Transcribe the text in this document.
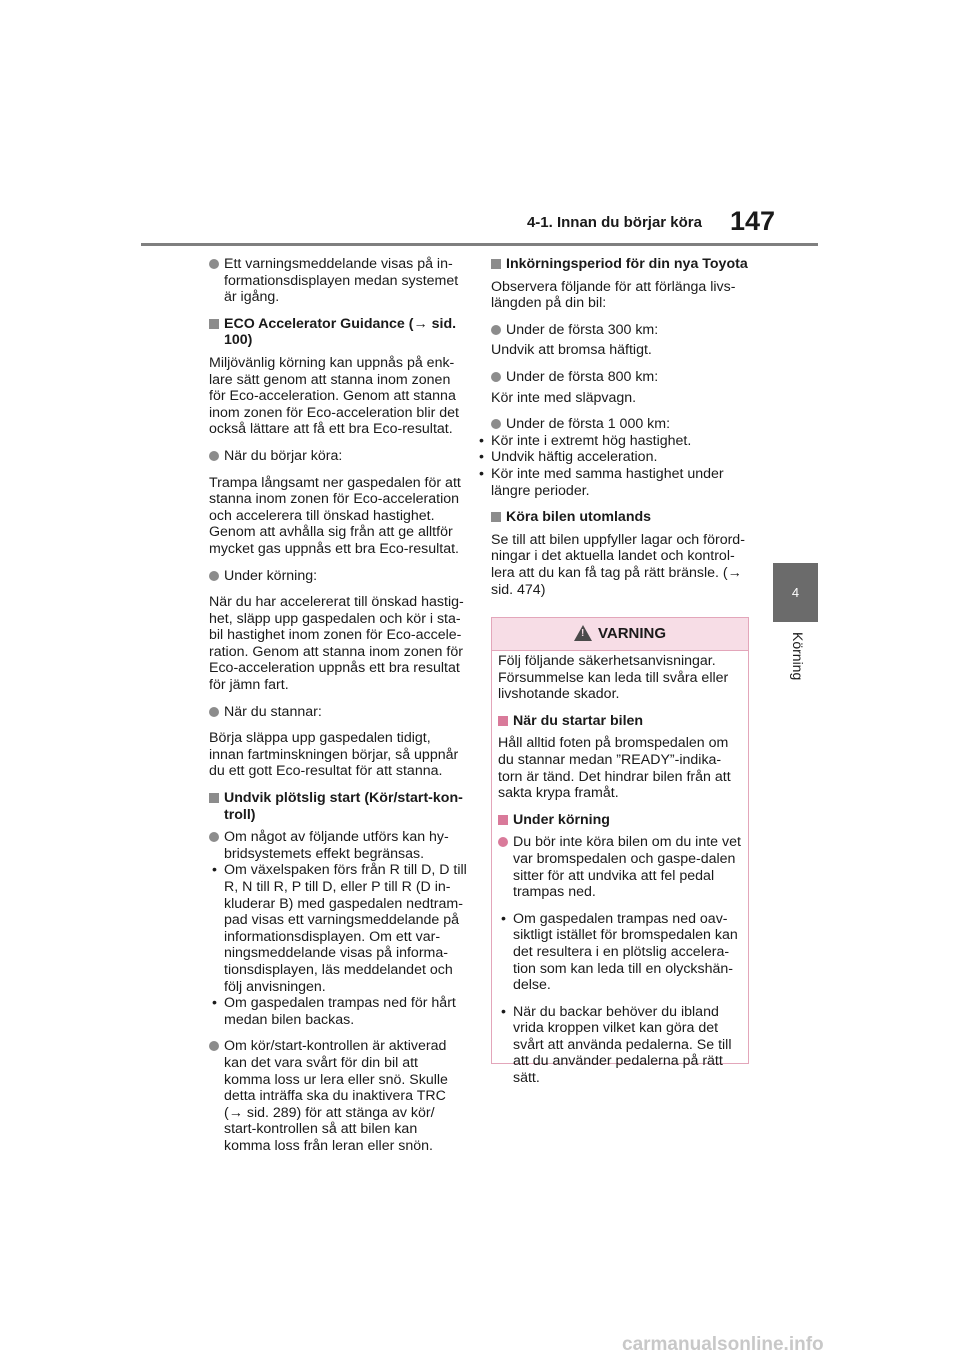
4-1. Innan du börjar köra 147
4
Körning
Ett varningsmeddelande visas på in-formationsdisplayen medan systemet är igång.
ECO Accelerator Guidance (→ sid. 100)

Miljövänlig körning kan uppnås på enk-lare sätt genom att stanna inom zonen för Eco-acceleration. Genom att stanna inom zonen för Eco-acceleration blir det också lättare att få ett bra Eco-resultat.

När du börjar köra:

Trampa långsamt ner gaspedalen för att stanna inom zonen för Eco-acceleration och accelerera till önskad hastighet. Genom att avhålla sig från att ge alltför mycket gas uppnås ett bra Eco-resultat.

Under körning:

När du har accelererat till önskad hastig-het, släpp upp gaspedalen och kör i sta-bil hastighet inom zonen för Eco-accele-ration. Genom att stanna inom zonen för Eco-acceleration uppnås ett bra resultat för jämn fart.

När du stannar:

Börja släppa upp gaspedalen tidigt, innan fartminskningen börjar, så uppnår du ett gott Eco-resultat för att stanna.

Undvik plötslig start (Kör/start-kon-troll)
Om något av följande utförs kan hy-bridsystemets effekt begränsas.
• Om växelspaken förs från R till D, D till R, N till R, P till D, eller P till R (D in-kluderar B) med gaspedalen nedtram-pad visas ett varningsmeddelande på informationsdisplayen. Om ett var-ningsmeddelande visas på informa-tionsdisplayen, läs meddelandet och följ anvisningen.
• Om gaspedalen trampas ned för hårt medan bilen backas.
Om kör/start-kontrollen är aktiverad kan det vara svårt för din bil att komma loss ur lera eller snö. Skulle detta inträffa ska du inaktivera TRC (→ sid. 289) för att stänga av kör/ start-kontrollen så att bilen kan komma loss från leran eller snön.
Inkörningsperiod för din nya Toyota

Observera följande för att förlänga livs-längden på din bil:

Under de första 300 km:

Undvik att bromsa häftigt.

Under de första 800 km:

Kör inte med släpvagn.

Under de första 1 000 km:
• Kör inte i extremt hög hastighet.
• Undvik häftig acceleration.
• Kör inte med samma hastighet under längre perioder.
Köra bilen utomlands

Se till att bilen uppfyller lagar och förord-ningar i det aktuella landet och kontrol-lera att du kan få tag på rätt bränsle. (→ sid. 474)

! VARNING

Följ följande säkerhetsanvisningar. Försummelse kan leda till svåra eller livshotande skador.

När du startar bilen

Håll alltid foten på bromspedalen om du stannar medan ”READY”-indika-torn är tänd. Det hindrar bilen från att sakta krypa framåt.

Under körning
Du bör inte köra bilen om du inte vet var bromspedalen och gaspe-dalen sitter för att undvika att fel pedal trampas ned.
• Om gaspedalen trampas ned oav-siktligt istället för bromspedalen kan det resultera i en plötslig accelera-tion som kan leda till en olyckshän-delse.
• När du backar behöver du ibland vrida kroppen vilket kan göra det svårt att använda pedalerna. Se till att du använder pedalerna på rätt sätt.
carmanualsonline.info
